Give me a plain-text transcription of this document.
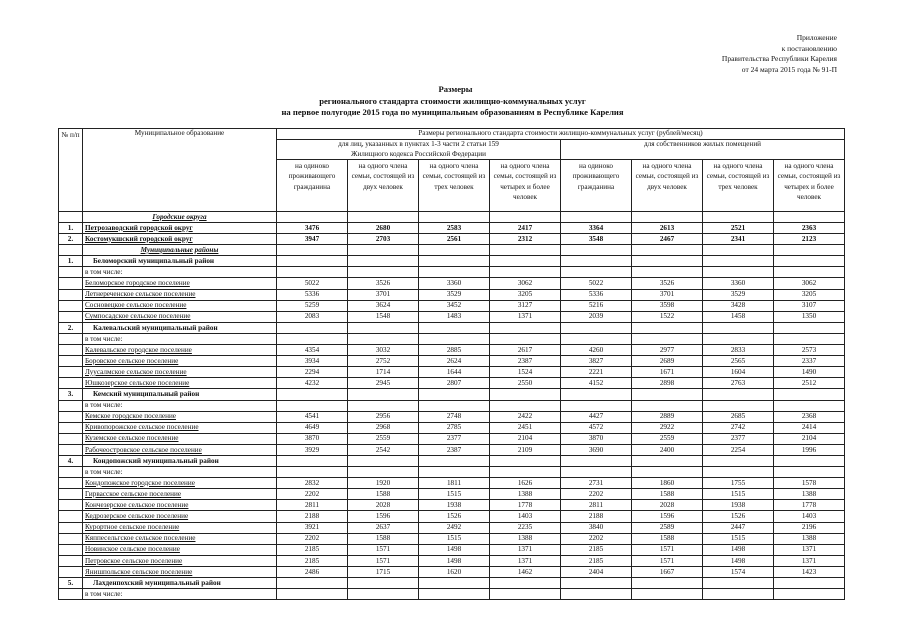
Приложение
к постановлению
Правительства Республики Карелия
от 24 марта 2015 года № 91-П
Размеры
регионального стандарта стоимости жилищно-коммунальных услуг
на первое полугодие 2015 года по муниципальным образованиям в Республике Карелия
№ п/п	Муниципальное образование	Размеры регионального стандарта стоимости жилищно-коммунальных услуг (рублей/месяц)							
		для лиц, указанных в пунктах 1-3 части 2 статьи 159
Жилищного кодекса Российской Федерации				для собственников жилых помещений			

		на одиноко проживающего гражданина	на одного члена семьи, состоящей из двух человек	на одного члена семьи, состоящей из трех человек	на одного члена семьи, состоящей из четырех и более человек	на одиноко проживающего гражданина	на одного члена семьи, состоящей из двух человек	на одного члена семьи, состоящей из трех человек	на одного члена семьи, состоящей из четырех и более человек
	Городские округа								
1.	Петрозаводский городской округ	3476	2680	2583	2417	3364	2613	2521	2363
2.	Костомукшский городской округ	3947	2703	2561	2312	3548	2467	2341	2123
	Муниципальные районы								
1.	Беломорский муниципальный район								
	в том числе:								
	Беломорское городское поселение	5022	3526	3360	3062	5022	3526	3360	3062
	Летнереченское сельское поселение	5336	3701	3529	3205	5336	3701	3529	3205
	Сосновецкое сельское поселение	5259	3624	3452	3127	5216	3598	3428	3107
	Сумпосадское сельское поселение	2083	1548	1483	1371	2039	1522	1458	1350
2.	Калевальский муниципальный район								
	в том числе:								
	Калевальское городское поселение	4354	3032	2885	2617	4260	2977	2833	2573
	Боровское сельское поселение	3934	2752	2624	2387	3827	2689	2565	2337
	Луусалмское сельское поселение	2294	1714	1644	1524	2221	1671	1604	1490
	Юшкозерское сельское поселение	4232	2945	2807	2550	4152	2898	2763	2512
3.	Кемский муниципальный район								
	в том числе:								
	Кемское городское поселение	4541	2956	2748	2422	4427	2889	2685	2368
	Кривопорожское сельское поселение	4649	2968	2785	2451	4572	2922	2742	2414
	Куземское сельское поселение	3870	2559	2377	2104	3870	2559	2377	2104
	Рабочеостровское сельское поселение	3929	2542	2387	2109	3690	2400	2254	1996
4.	Кондопожский муниципальный район								
	в том числе:								
	Кондопожское городское поселение	2832	1920	1811	1626	2731	1860	1755	1578
	Гирвасское сельское поселение	2202	1588	1515	1388	2202	1588	1515	1388
	Кончезерское сельское поселение	2811	2028	1938	1778	2811	2028	1938	1778
	Кедрозерское сельское поселение	2188	1596	1526	1403	2188	1596	1526	1403
	Курортное сельское поселение	3921	2637	2492	2235	3840	2589	2447	2196
	Кяппесельгское сельское поселение	2202	1588	1515	1388	2202	1588	1515	1388
	Новинское сельское поселение	2185	1571	1498	1371	2185	1571	1498	1371
	Петровское сельское поселение	2185	1571	1498	1371	2185	1571	1498	1371
	Янишпольское сельское поселение	2486	1715	1620	1462	2404	1667	1574	1423
5.	Лахденпохский муниципальный район								
	в том числе:								
